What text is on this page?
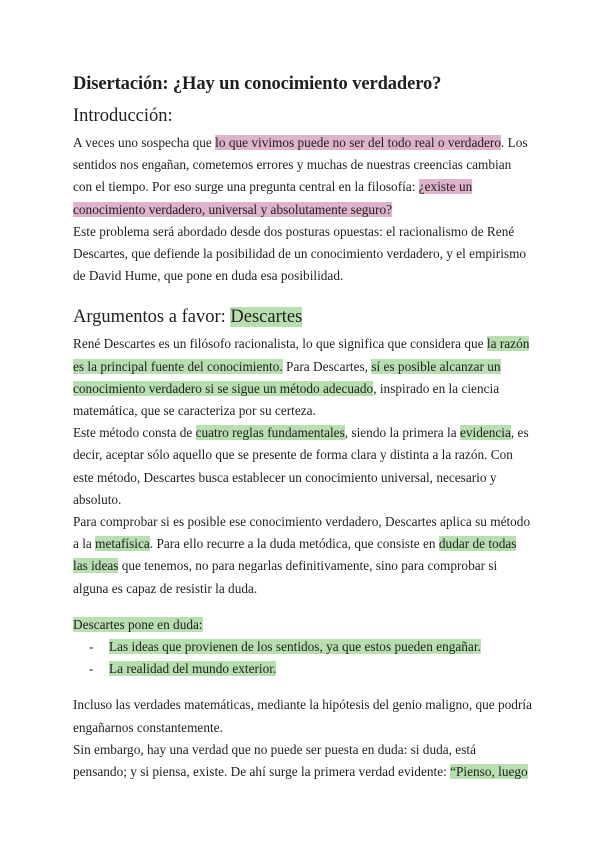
Disertación: ¿Hay un conocimiento verdadero?
Introducción:

A veces uno sospecha que lo que vivimos puede no ser del todo real o verdadero. Los sentidos nos engañan, cometemos errores y muchas de nuestras creencias cambian con el tiempo. Por eso surge una pregunta central en la filosofía: ¿existe un conocimiento verdadero, universal y absolutamente seguro?

Este problema será abordado desde dos posturas opuestas: el racionalismo de René Descartes, que defiende la posibilidad de un conocimiento verdadero, y el empirismo de David Hume, que pone en duda esa posibilidad.

Argumentos a favor: Descartes

René Descartes es un filósofo racionalista, lo que significa que considera que la razón es la principal fuente del conocimiento. Para Descartes, sí es posible alcanzar un conocimiento verdadero si se sigue un método adecuado, inspirado en la ciencia matemática, que se caracteriza por su certeza.

Este método consta de cuatro reglas fundamentales, siendo la primera la evidencia, es decir, aceptar sólo aquello que se presente de forma clara y distinta a la razón. Con este método, Descartes busca establecer un conocimiento universal, necesario y absoluto.

Para comprobar si es posible ese conocimiento verdadero, Descartes aplica su método a la metafísica. Para ello recurre a la duda metódica, que consiste en dudar de todas las ideas que tenemos, no para negarlas definitivamente, sino para comprobar si alguna es capaz de resistir la duda.

Descartes pone en duda:

- Las ideas que provienen de los sentidos, ya que estos pueden engañar.
- La realidad del mundo exterior.

Incluso las verdades matemáticas, mediante la hipótesis del genio maligno, que podría engañarnos constantemente.

Sin embargo, hay una verdad que no puede ser puesta en duda: si duda, está pensando; y si piensa, existe. De ahí surge la primera verdad evidente: “Pienso, luego
